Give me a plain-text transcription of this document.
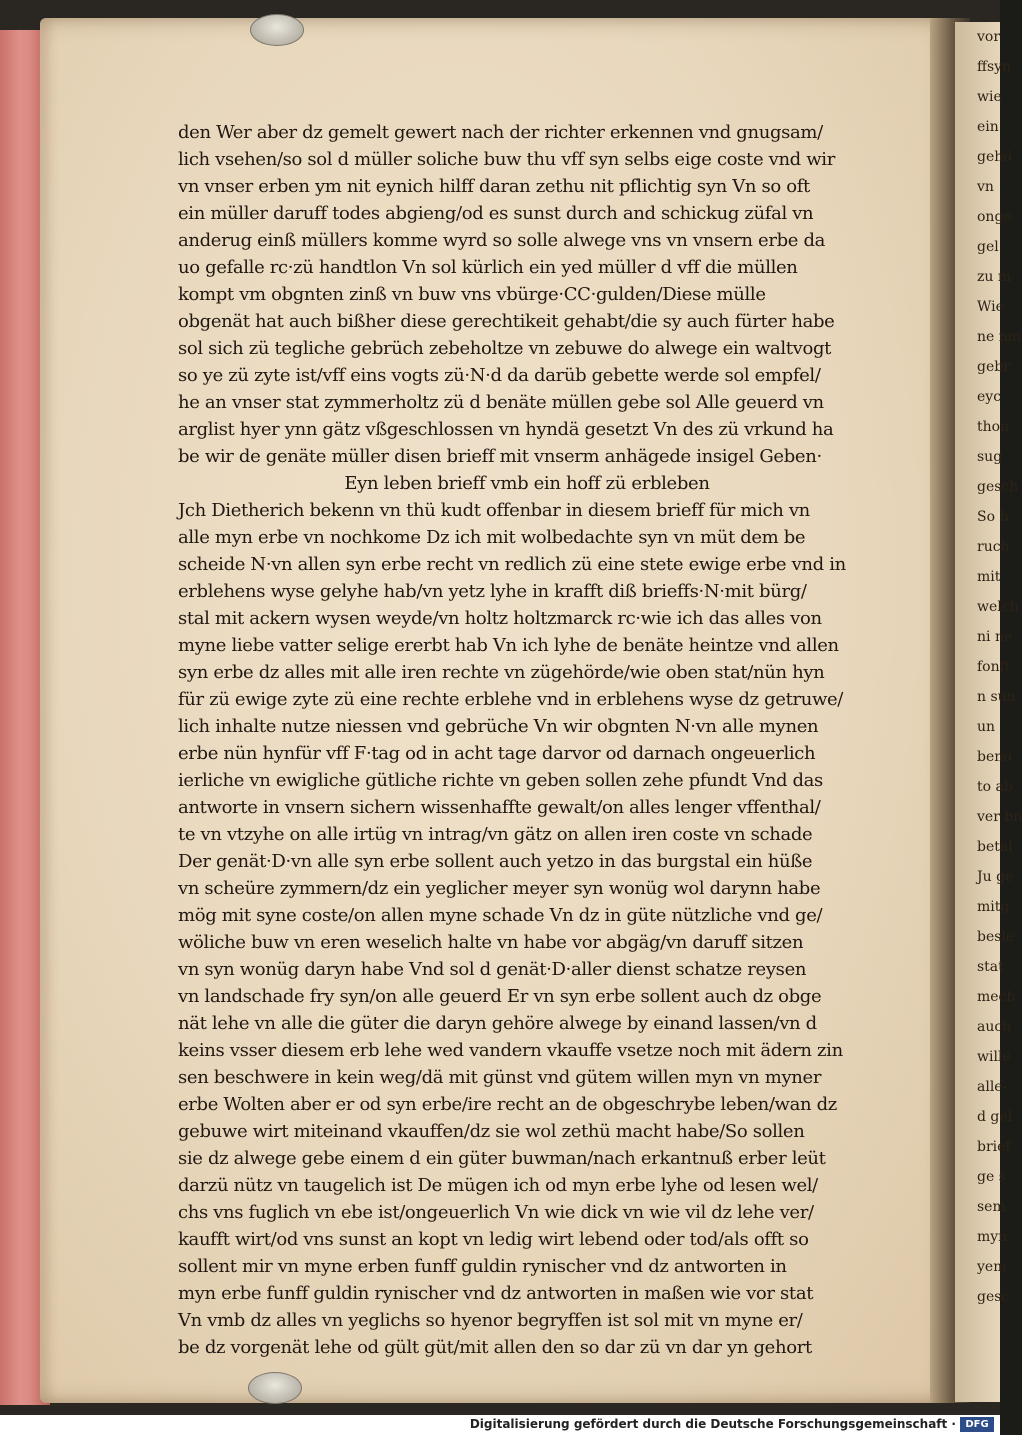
vor
ffsyn
wie
ein
gehö
vn
onge
gel
zu m
Wie
ne nm
gebr
eyc
thon
sug
gesch
So b
ruch
mit
welch
ni ne
fonft
n sun
un
beno
to ab
ver bn
betal
Ju ge
mitg
besle
stat
mecb
auch
wille
alle-
d gel
brief
ge s
sem
myn
yem
gesc
den Wer aber dz gemelt gewert nach der richter erkennen vnd gnugsam/
lich vsehen/so sol d müller soliche buw thu vff syn selbs eige coste vnd wir
vn vnser erben ym nit eynich hilff daran zethu nit pflichtig syn Vn so oft
ein müller daruff todes abgieng/od es sunst durch and schickug züfal vn
anderug einß müllers komme wyrd so solle alwege vns vn vnsern erbe da
uo gefalle rc·zü handtlon Vn sol kürlich ein yed müller d vff die müllen
kompt vm obgnten zinß vn buw vns vbürge·CC·gulden/Diese mülle
obgenät hat auch bißher diese gerechtikeit gehabt/die sy auch fürter habe
sol sich zü tegliche gebrüch zebeholtze vn zebuwe do alwege ein waltvogt
so ye zü zyte ist/vff eins vogts zü·N·d da darüb gebette werde sol empfel/
he an vnser stat zymmerholtz zü d benäte müllen gebe sol Alle geuerd vn
arglist hyer ynn gätz vßgeschlossen vn hyndä gesetzt Vn des zü vrkund ha
be wir de genäte müller disen brieff mit vnserm anhägede insigel Geben·
Eyn leben brieff vmb ein hoff zü erbleben
Jch Dietherich bekenn vn thü kudt offenbar in diesem brieff für mich vn
alle myn erbe vn nochkome Dz ich mit wolbedachte syn vn müt dem be
scheide N·vn allen syn erbe recht vn redlich zü eine stete ewige erbe vnd in
erblehens wyse gelyhe hab/vn yetz lyhe in krafft diß brieffs·N·mit bürg/
stal mit ackern wysen weyde/vn holtz holtzmarck rc·wie ich das alles von
myne liebe vatter selige ererbt hab Vn ich lyhe de benäte heintze vnd allen
syn erbe dz alles mit alle iren rechte vn zügehörde/wie oben stat/nün hyn
für zü ewige zyte zü eine rechte erblehe vnd in erblehens wyse dz getruwe/
lich inhalte nutze niessen vnd gebrüche Vn wir obgnten N·vn alle mynen
erbe nün hynfür vff F·tag od in acht tage darvor od darnach ongeuerlich
ierliche vn ewigliche gütliche richte vn geben sollen zehe pfundt Vnd das
antworte in vnsern sichern wissenhaffte gewalt/on alles lenger vffenthal/
te vn vtzyhe on alle irtüg vn intrag/vn gätz on allen iren coste vn schade
Der genät·D·vn alle syn erbe sollent auch yetzo in das burgstal ein hüße
vn scheüre zymmern/dz ein yeglicher meyer syn wonüg wol darynn habe
mög mit syne coste/on allen myne schade Vn dz in güte nützliche vnd ge/
wöliche buw vn eren weselich halte vn habe vor abgäg/vn daruff sitzen
vn syn wonüg daryn habe Vnd sol d genät·D·aller dienst schatze reysen
vn landschade fry syn/on alle geuerd Er vn syn erbe sollent auch dz obge
nät lehe vn alle die güter die daryn gehöre alwege by einand lassen/vn d
keins vsser diesem erb lehe wed vandern vkauffe vsetze noch mit ädern zin
sen beschwere in kein weg/dä mit günst vnd gütem willen myn vn myner
erbe Wolten aber er od syn erbe/ire recht an de obgeschrybe leben/wan dz
gebuwe wirt miteinand vkauffen/dz sie wol zethü macht habe/So sollen
sie dz alwege gebe einem d ein güter buwman/nach erkantnuß erber leüt
darzü nütz vn taugelich ist De mügen ich od myn erbe lyhe od lesen wel/
chs vns fuglich vn ebe ist/ongeuerlich Vn wie dick vn wie vil dz lehe ver/
kaufft wirt/od vns sunst an kopt vn ledig wirt lebend oder tod/als offt so
sollent mir vn myne erben funff guldin rynischer vnd dz antworten in
myn erbe funff guldin rynischer vnd dz antworten in maßen wie vor stat
Vn vmb dz alles vn yeglichs so hyenor begryffen ist sol mit vn myne er/
be dz vorgenät lehe od gült güt/mit allen den so dar zü vn dar yn gehort
Digitalisierung gefördert durch die Deutsche Forschungsgemeinschaft · DFG
